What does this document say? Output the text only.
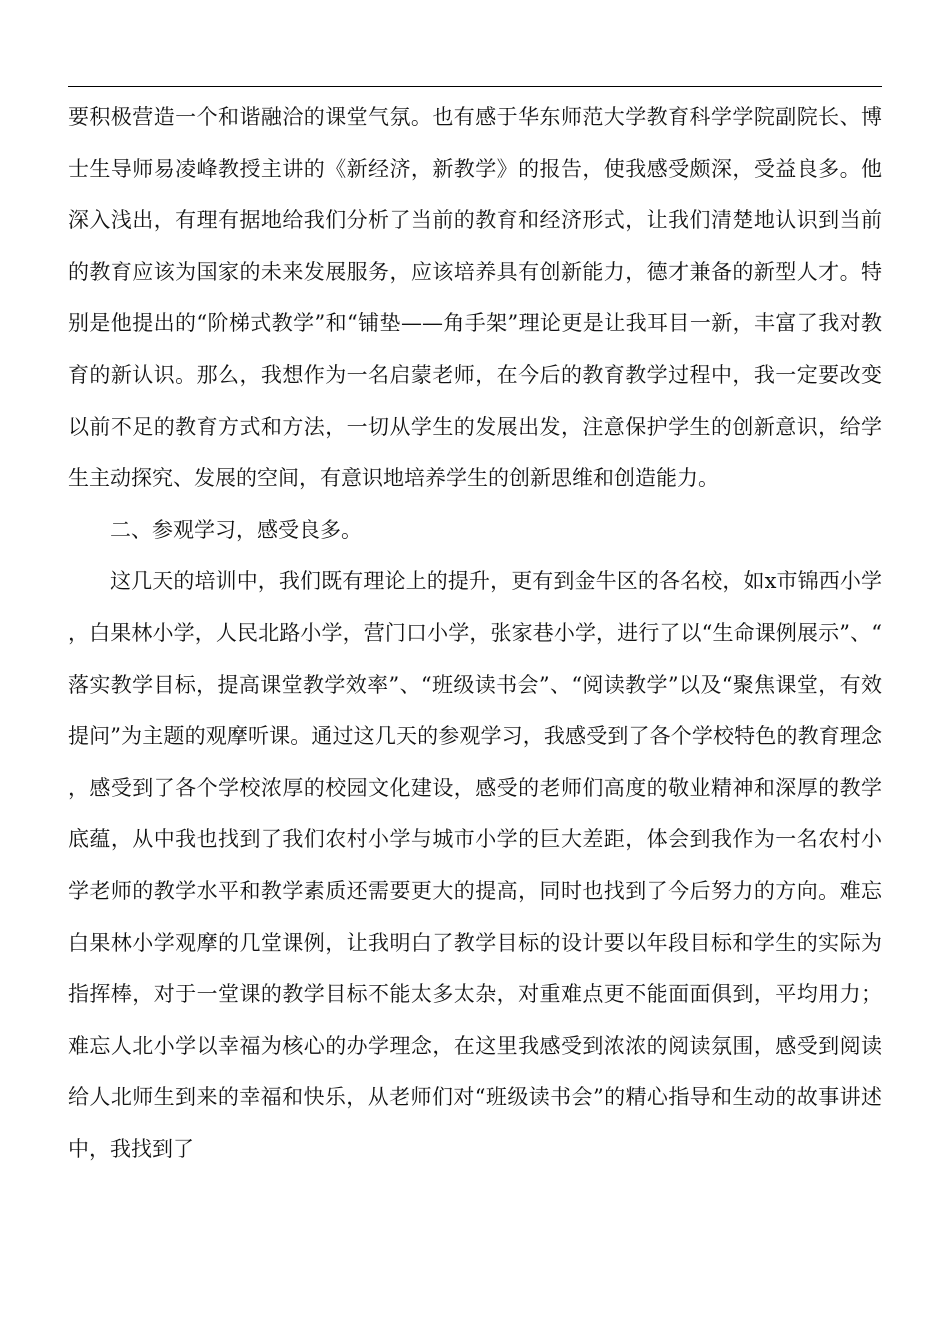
要积极营造一个和谐融洽的课堂气氛。也有感于华东师范大学教育科学学院副院长、博士生导师易凌峰教授主讲的《新经济，新教学》的报告，使我感受颇深，受益良多。他深入浅出，有理有据地给我们分析了当前的教育和经济形式，让我们清楚地认识到当前的教育应该为国家的未来发展服务，应该培养具有创新能力，德才兼备的新型人才。特别是他提出的“阶梯式教学”和“铺垫——角手架”理论更是让我耳目一新，丰富了我对教育的新认识。那么，我想作为一名启蒙老师，在今后的教育教学过程中，我一定要改变以前不足的教育方式和方法，一切从学生的发展出发，注意保护学生的创新意识，给学生主动探究、发展的空间，有意识地培养学生的创新思维和创造能力。

二、参观学习，感受良多。

这几天的培训中，我们既有理论上的提升，更有到金牛区的各名校，如x市锦西小学，白果林小学，人民北路小学，营门口小学，张家巷小学，进行了以“生命课例展示”、“落实教学目标，提高课堂教学效率”、“班级读书会”、“阅读教学”以及“聚焦课堂，有效提问”为主题的观摩听课。通过这几天的参观学习，我感受到了各个学校特色的教育理念，感受到了各个学校浓厚的校园文化建设，感受的老师们高度的敬业精神和深厚的教学底蕴，从中我也找到了我们农村小学与城市小学的巨大差距，体会到我作为一名农村小学老师的教学水平和教学素质还需要更大的提高，同时也找到了今后努力的方向。难忘白果林小学观摩的几堂课例，让我明白了教学目标的设计要以年段目标和学生的实际为指挥棒，对于一堂课的教学目标不能太多太杂，对重难点更不能面面俱到，平均用力；难忘人北小学以幸福为核心的办学理念，在这里我感受到浓浓的阅读氛围，感受到阅读给人北师生到来的幸福和快乐，从老师们对“班级读书会”的精心指导和生动的故事讲述中，我找到了
